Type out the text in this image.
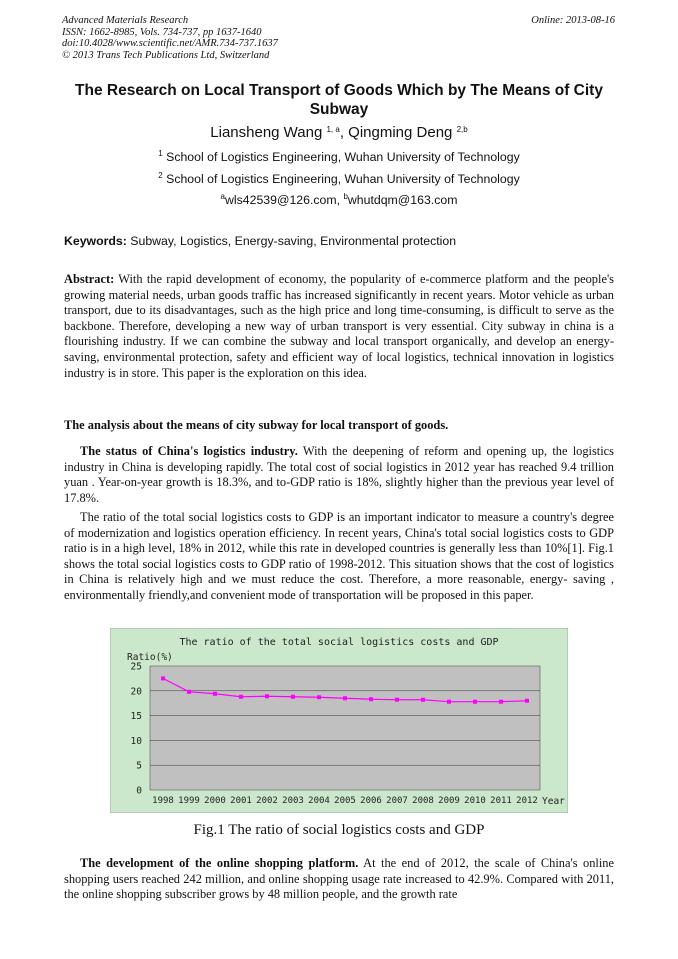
Advanced Materials Research
ISSN: 1662-8985, Vols. 734-737, pp 1637-1640
doi:10.4028/www.scientific.net/AMR.734-737.1637
© 2013 Trans Tech Publications Ltd, Switzerland
Online: 2013-08-16
The Research on Local Transport of Goods Which by The Means of City
Subway
Liansheng Wang $^{1, a}$, Qingming Deng $^{2,b}$
$^1$ School of Logistics Engineering, Wuhan University of Technology
$^2$ School of Logistics Engineering, Wuhan University of Technology
$^a$wls42539@126.com, $^b$whutdqm@163.com
Keywords: Subway, Logistics, Energy-saving, Environmental protection
Abstract: With the rapid development of economy, the popularity of e-commerce platform and the people's growing material needs, urban goods traffic has increased significantly in recent years. Motor vehicle as urban transport, due to its disadvantages, such as the high price and long time-consuming, is difficult to serve as the backbone. Therefore, developing a new way of urban transport is very essential. City subway in china is a flourishing industry. If we can combine the subway and local transport organically, and develop an energy-saving, environmental protection, safety and efficient way of local logistics, technical innovation in logistics industry is in store. This paper is the exploration on this idea.
The analysis about the means of city subway for local transport of goods.
The status of China's logistics industry. With the deepening of reform and opening up, the logistics industry in China is developing rapidly. The total cost of social logistics in 2012 year has reached 9.4 trillion yuan . Year-on-year growth is 18.3%, and to-GDP ratio is 18%, slightly higher than the previous year level of 17.8%.
The ratio of the total social logistics costs to GDP is an important indicator to measure a country's degree of modernization and logistics operation efficiency. In recent years, China's total social logistics costs to GDP ratio is in a high level, 18% in 2012, while this rate in developed countries is generally less than 10%[1]. Fig.1 shows the total social logistics costs to GDP ratio of 1998-2012. This situation shows that the cost of logistics in China is relatively high and we must reduce the cost. Therefore, a more reasonable, energy- saving , environmentally friendly,and convenient mode of transportation will be proposed in this paper.
The ratio of the total social logistics costs and GDP
Ratio(%)
0
5
10
15
20
25
1998 1999 2000 2001 2002 2003 2004 2005 2006 2007 2008 2009 2010 2011 2012 Year
Fig.1 The ratio of social logistics costs and GDP
The development of the online shopping platform. At the end of 2012, the scale of China's online shopping users reached 242 million, and online shopping usage rate increased to 42.9%. Compared with 2011, the online shopping subscriber grows by 48 million people, and the growth rate
